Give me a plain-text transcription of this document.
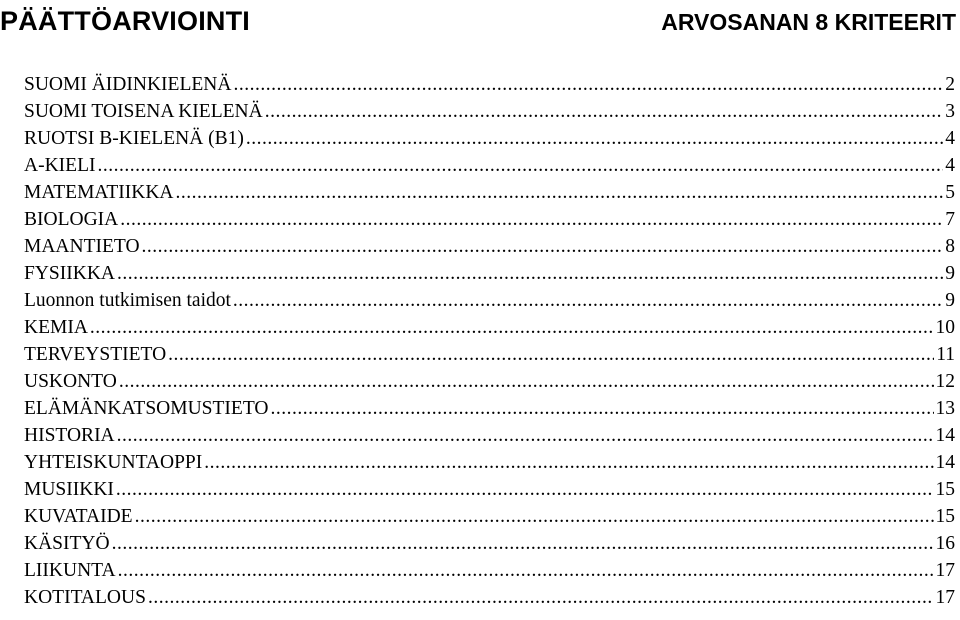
PÄÄTTÖARVIOINTI	ARVOSANAN 8 KRITEERIT
SUOMI ÄIDINKIELENÄ .....	2
SUOMI TOISENA KIELENÄ .....	3
RUOTSI B-KIELENÄ (B1) .....	4
A-KIELI .....	4
MATEMATIIKKA .....	5
BIOLOGIA .....	7
MAANTIETO .....	8
FYSIIKKA .....	9
Luonnon tutkimisen taidot .....	9
KEMIA .....	10
TERVEYSTIETO .....	11
USKONTO .....	12
ELÄMÄNKATSOMUSTIETO .....	13
HISTORIA .....	14
YHTEISKUNTAOPPI .....	14
MUSIIKKI .....	15
KUVATAIDE .....	15
KÄSITYÖ .....	16
LIIKUNTA .....	17
KOTITALOUS .....	17
